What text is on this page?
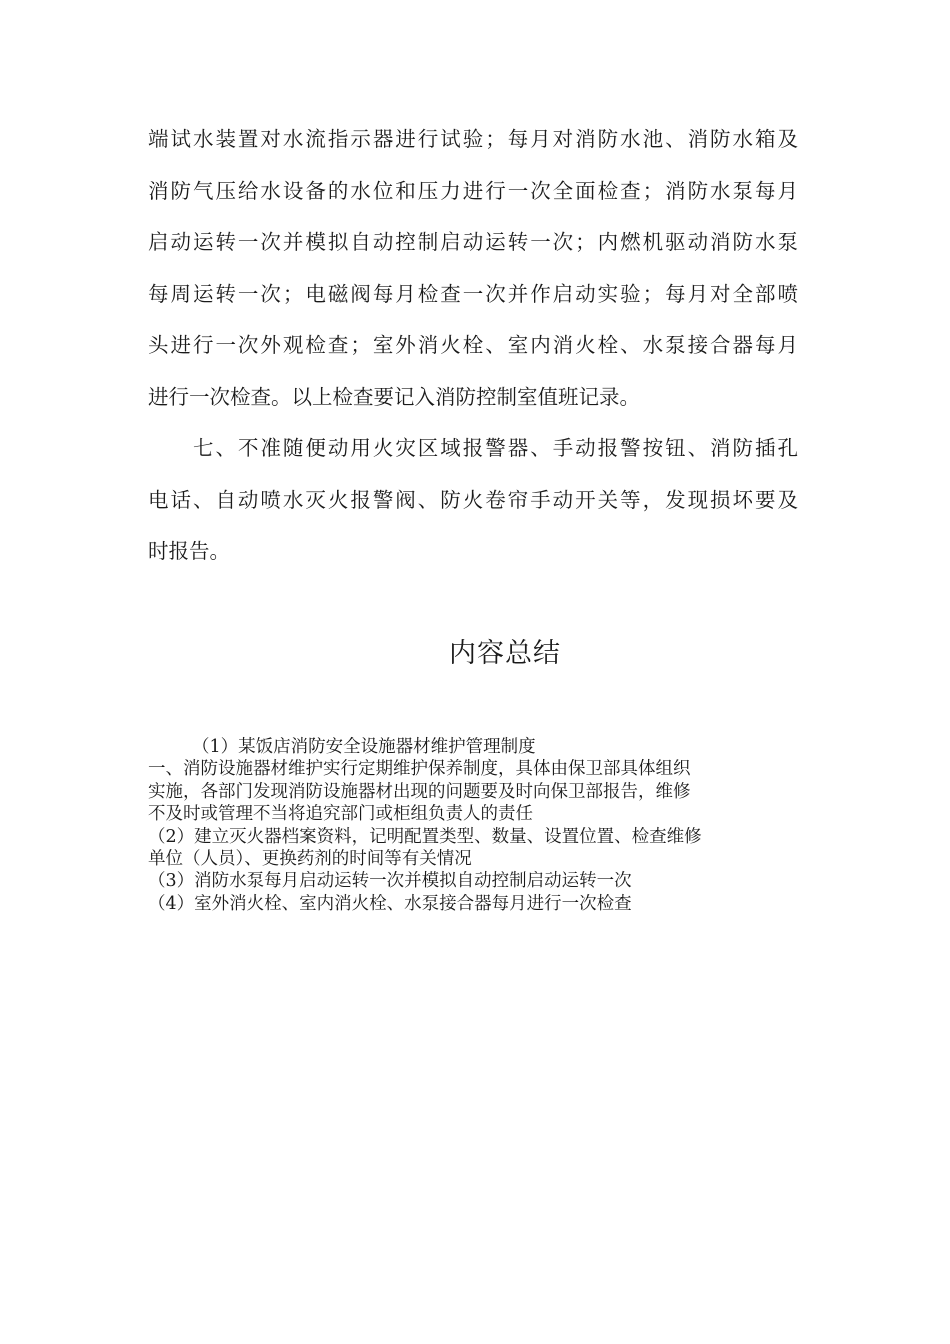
端试水装置对水流指示器进行试验；每月对消防水池、消防水箱及
消防气压给水设备的水位和压力进行一次全面检查；消防水泵每月
启动运转一次并模拟自动控制启动运转一次；内燃机驱动消防水泵
每周运转一次；电磁阀每月检查一次并作启动实验；每月对全部喷
头进行一次外观检查；室外消火栓、室内消火栓、水泵接合器每月
进行一次检查。以上检查要记入消防控制室值班记录。
七、不准随便动用火灾区域报警器、手动报警按钮、消防插孔
电话、自动喷水灭火报警阀、防火卷帘手动开关等，发现损坏要及
时报告。
内容总结
（1）某饭店消防安全设施器材维护管理制度
一、消防设施器材维护实行定期维护保养制度，具体由保卫部具体组织
实施，各部门发现消防设施器材出现的问题要及时向保卫部报告，维修
不及时或管理不当将追究部门或柜组负责人的责任
（2）建立灭火器档案资料，记明配置类型、数量、设置位置、检查维修
单位（人员）、更换药剂的时间等有关情况
（3）消防水泵每月启动运转一次并模拟自动控制启动运转一次
（4）室外消火栓、室内消火栓、水泵接合器每月进行一次检查
